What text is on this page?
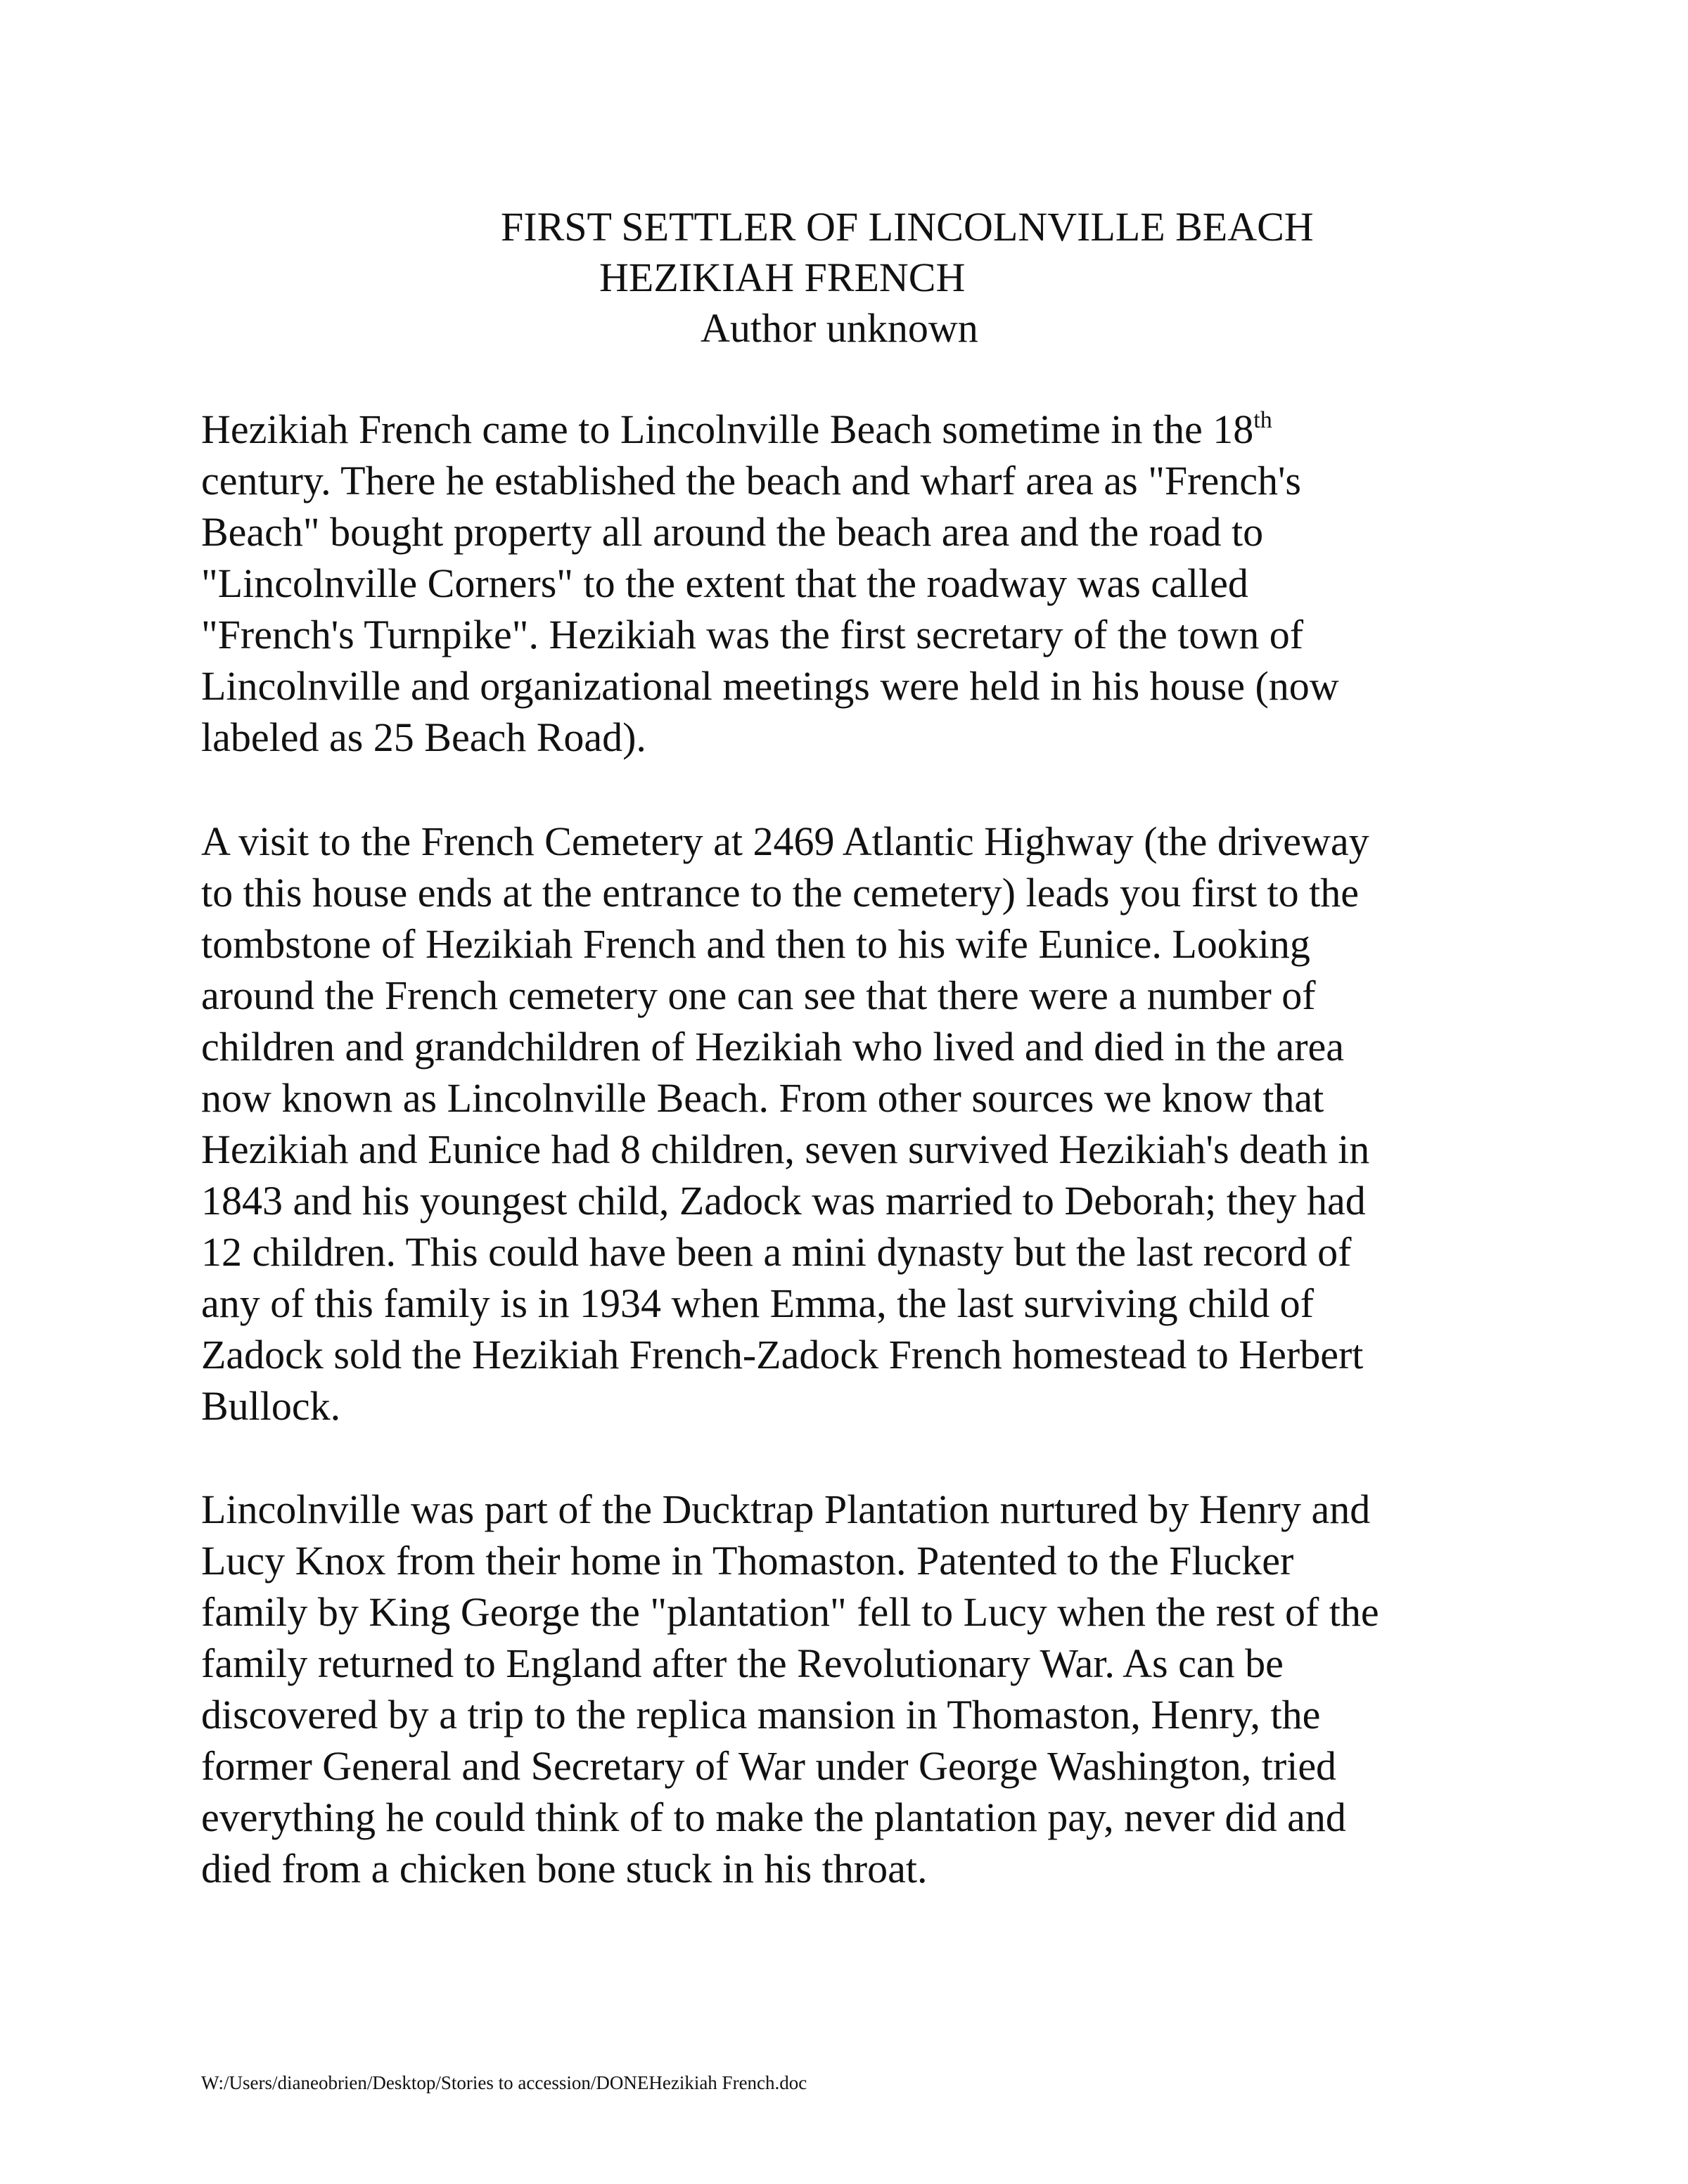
FIRST SETTLER OF LINCOLNVILLE BEACH
HEZIKIAH FRENCH
Author unknown
Hezikiah French came to Lincolnville Beach sometime in the 18th
century. There he established the beach and wharf area as "French's
Beach" bought property all around the beach area and the road to
"Lincolnville Corners" to the extent that the roadway was called
"French's Turnpike". Hezikiah was the first secretary of the town of
Lincolnville and organizational meetings were held in his house (now
labeled as 25 Beach Road).
A visit to the French Cemetery at 2469 Atlantic Highway (the driveway
to this house ends at the entrance to the cemetery) leads you first to the
tombstone of Hezikiah French and then to his wife Eunice. Looking
around the French cemetery one can see that there were a number of
children and grandchildren of Hezikiah who lived and died in the area
now known as Lincolnville Beach. From other sources we know that
Hezikiah and Eunice had 8 children, seven survived Hezikiah's death in
1843 and his youngest child, Zadock was married to Deborah; they had
12 children. This could have been a mini dynasty but the last record of
any of this family is in 1934 when Emma, the last surviving child of
Zadock sold the Hezikiah French-Zadock French homestead to Herbert
Bullock.
Lincolnville was part of the Ducktrap Plantation nurtured by Henry and
Lucy Knox from their home in Thomaston. Patented to the Flucker
family by King George the "plantation" fell to Lucy when the rest of the
family returned to England after the Revolutionary War. As can be
discovered by a trip to the replica mansion in Thomaston, Henry, the
former General and Secretary of War under George Washington, tried
everything he could think of to make the plantation pay, never did and
died from a chicken bone stuck in his throat.
W:/Users/dianeobrien/Desktop/Stories to accession/DONEHezikiah French.doc
